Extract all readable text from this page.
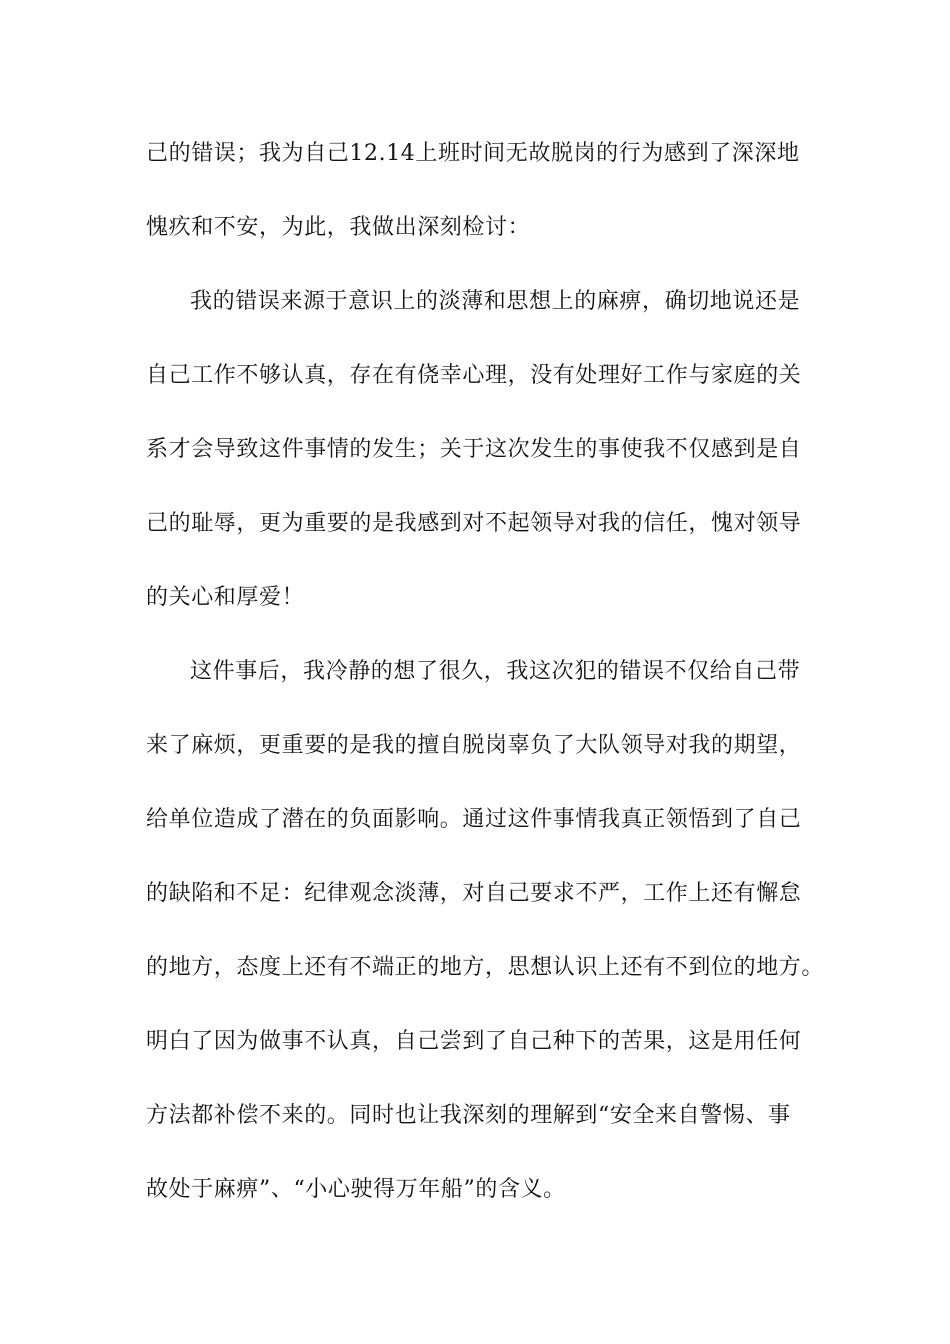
己的错误；我为自己12.14上班时间无故脱岗的行为感到了深深地
愧疚和不安，为此，我做出深刻检讨：
我的错误来源于意识上的淡薄和思想上的麻痹，确切地说还是
自己工作不够认真，存在有侥幸心理，没有处理好工作与家庭的关
系才会导致这件事情的发生；关于这次发生的事使我不仅感到是自
己的耻辱，更为重要的是我感到对不起领导对我的信任，愧对领导
的关心和厚爱！
这件事后，我冷静的想了很久，我这次犯的错误不仅给自己带
来了麻烦，更重要的是我的擅自脱岗辜负了大队领导对我的期望，
给单位造成了潜在的负面影响。通过这件事情我真正领悟到了自己
的缺陷和不足：纪律观念淡薄，对自己要求不严，工作上还有懈怠
的地方，态度上还有不端正的地方，思想认识上还有不到位的地方。
明白了因为做事不认真，自己尝到了自己种下的苦果，这是用任何
方法都补偿不来的。同时也让我深刻的理解到“安全来自警惕、事
故处于麻痹”、“小心驶得万年船”的含义。
